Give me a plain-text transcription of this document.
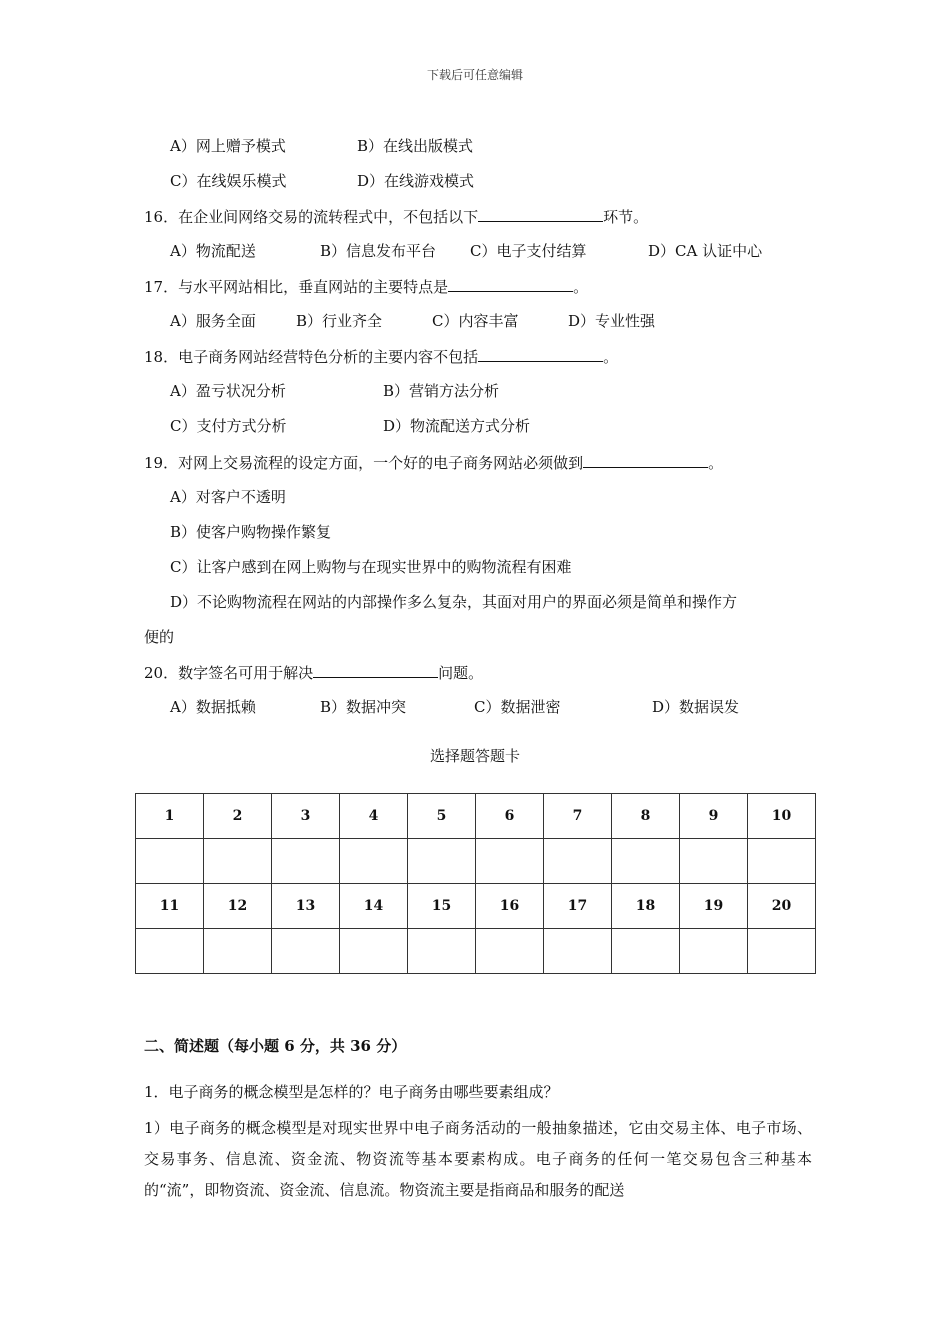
下载后可任意编辑
A）网上赠予模式	B）在线出版模式
C）在线娱乐模式	D）在线游戏模式
16．在企业间网络交易的流转程式中，不包括以下	环节。
A）物流配送	B）信息发布平台 C）电子支付结算	D）CA 认证中心
17．与水平网站相比，垂直网站的主要特点是	。
A）服务全面	B）行业齐全	C）内容丰富	D）专业性强
18．电子商务网站经营特色分析的主要内容不包括	。
A）盈亏状况分析	B）营销方法分析
C）支付方式分析	D）物流配送方式分析
19．对网上交易流程的设定方面，一个好的电子商务网站必须做到	。
A）对客户不透明
B）使客户购物操作繁复
C）让客户感到在网上购物与在现实世界中的购物流程有困难
D）不论购物流程在网站的内部操作多么复杂，其面对用户的界面必须是简单和操作方
便的
20．数字签名可用于解决	问题。
A）数据抵赖	B）数据冲突	C）数据泄密	D）数据误发
选择题答题卡
1	2	3	4	5	6	7	8	9	10

11	12	13	14	15	16	17	18	19	20

二、简述题（每小题 6 分，共 36 分）
1．电子商务的概念模型是怎样的？电子商务由哪些要素组成？
1）电子商务的概念模型是对现实世界中电子商务活动的一般抽象描述，它由交易主体、电子市场、交易事务、信息流、资金流、物资流等基本要素构成。电子商务的任何一笔交易包含三种基本的“流”，即物资流、资金流、信息流。物资流主要是指商品和服务的配送
